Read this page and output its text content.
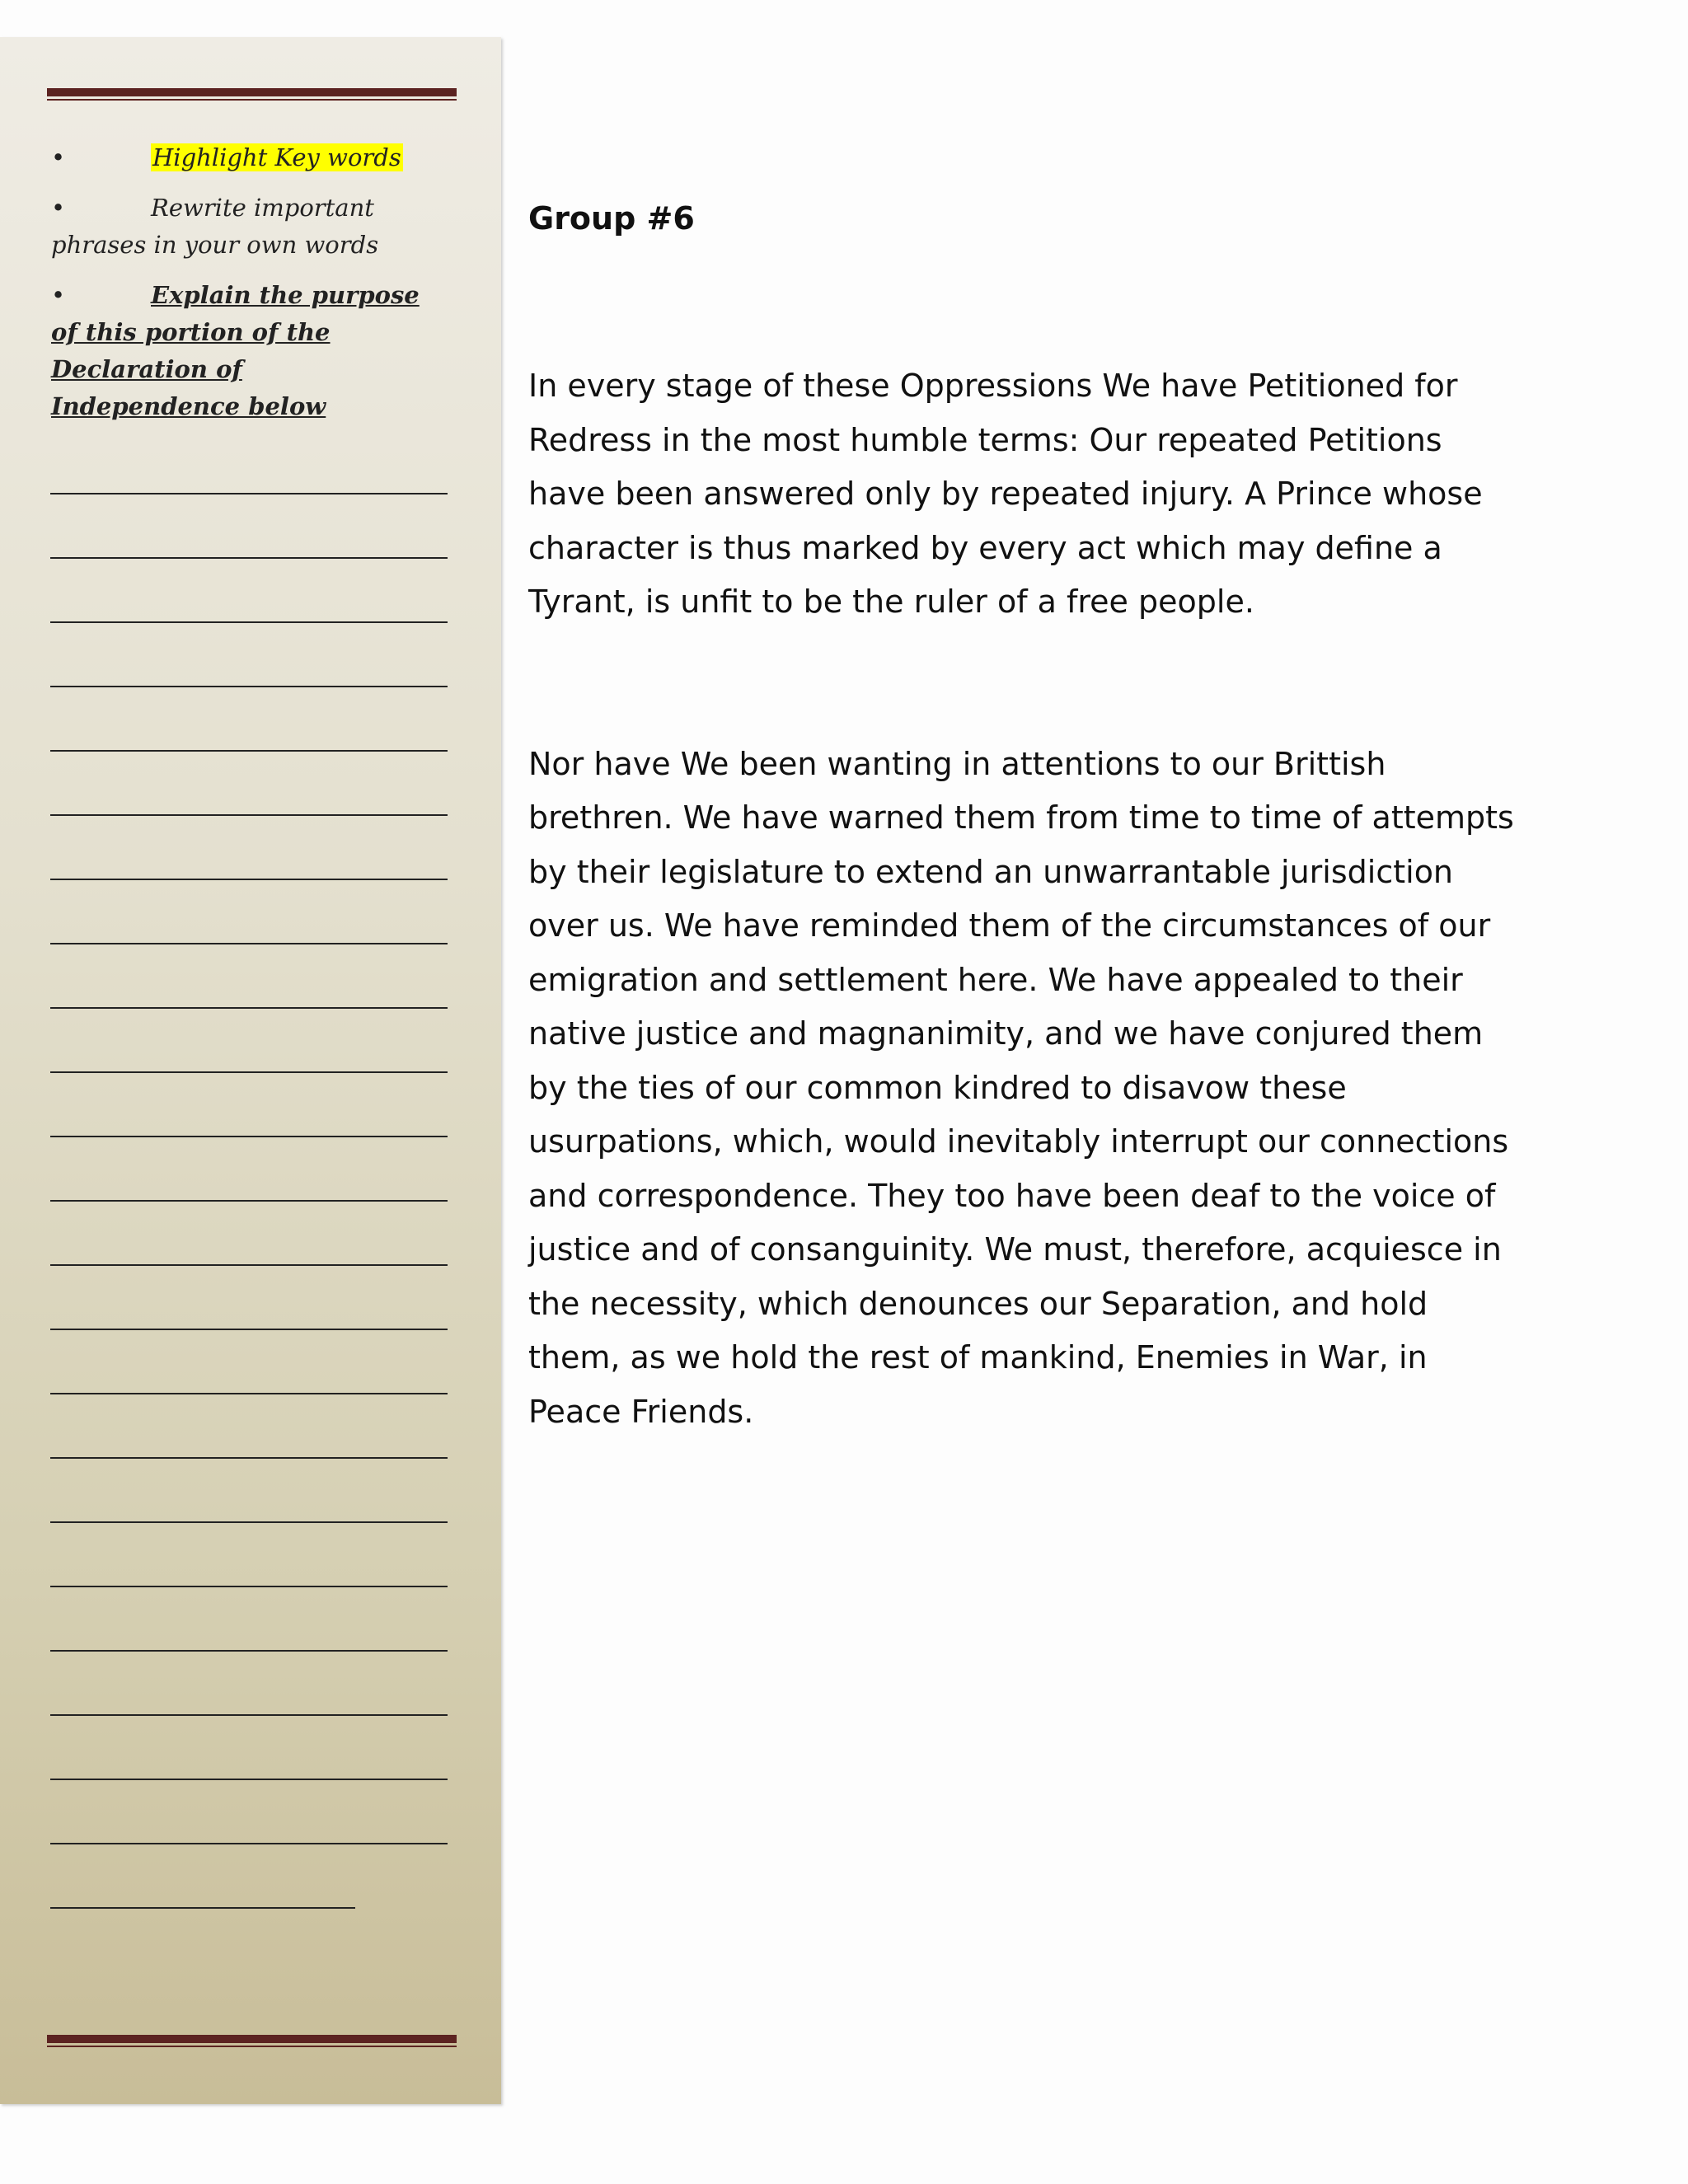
•	Highlight Key words
•	Rewrite important phrases in your own words
•	Explain the purpose of this portion of the Declaration of Independence below
Group #6

In every stage of these Oppressions We have Petitioned for Redress in the most humble terms: Our repeated Petitions have been answered only by repeated injury. A Prince whose character is thus marked by every act which may define a Tyrant, is unfit to be the ruler of a free people.

Nor have We been wanting in attentions to our Brittish brethren. We have warned them from time to time of attempts by their legislature to extend an unwarrantable jurisdiction over us. We have reminded them of the circumstances of our emigration and settlement here. We have appealed to their native justice and magnanimity, and we have conjured them by the ties of our common kindred to disavow these usurpations, which, would inevitably interrupt our connections and correspondence. They too have been deaf to the voice of justice and of consanguinity. We must, therefore, acquiesce in the necessity, which denounces our Separation, and hold them, as we hold the rest of mankind, Enemies in War, in Peace Friends.
